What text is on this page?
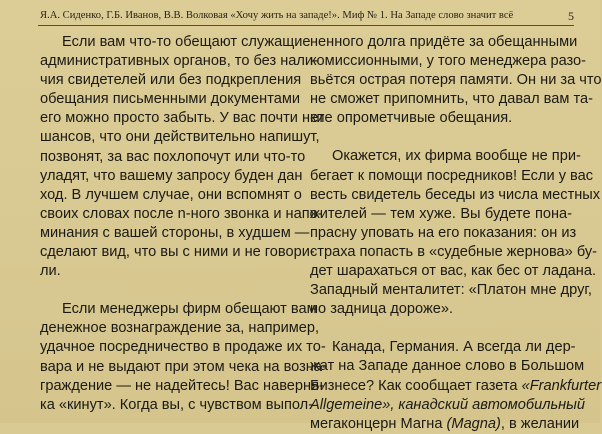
Я.А. Сиденко, Г.Б. Иванов, В.В. Волковая «Хочу жить на западе!». Миф № 1. На Западе слово значит всё	5

Если вам что-то обещают служащие
административных органов, то без нали-
чия свидетелей или без подкрепления
обещания письменными документами
его можно просто забыть. У вас почти нет
шансов, что они действительно напишут,
позвонят, за вас похлопочут или что-то
уладят, что вашему запросу буден дан
ход. В лучшем случае, они вспомнят о
своих словах после n-ного звонка и напо-
минания с вашей стороны, в худшем —
сделают вид, что вы с ними и не говори-
ли.

Если менеджеры фирм обещают вам
денежное вознаграждение за, например,
удачное посредничество в продаже их то-
вара и не выдают при этом чека на возна-
граждение — не надейтесь! Вас наверня-
ка «кинут». Когда вы, с чувством выпол-

ненного долга придёте за обещанными
комиссионными, у того менеджера разо-
вьётся острая потеря памяти. Он ни за что
не сможет припомнить, что давал вам та-
кие опрометчивые обещания.

Окажется, их фирма вообще не при-
бегает к помощи посредников! Если у вас
весть свидетель беседы из числа местных
жителей — тем хуже. Вы будете пона-
прасну уповать на его показания: он из
страха попасть в «судебные жернова» бу-
дет шарахаться от вас, как бес от ладана.
Западный менталитет: «Платон мне друг,
но задница дороже».

Канада, Германия. А всегда ли дер-
жат на Западе данное слово в Большом
Бизнесе? Как сообщает газета «Frankfurter
Allgemeine», канадский автомобильный
мегаконцерн Магна (Magna), в желании
